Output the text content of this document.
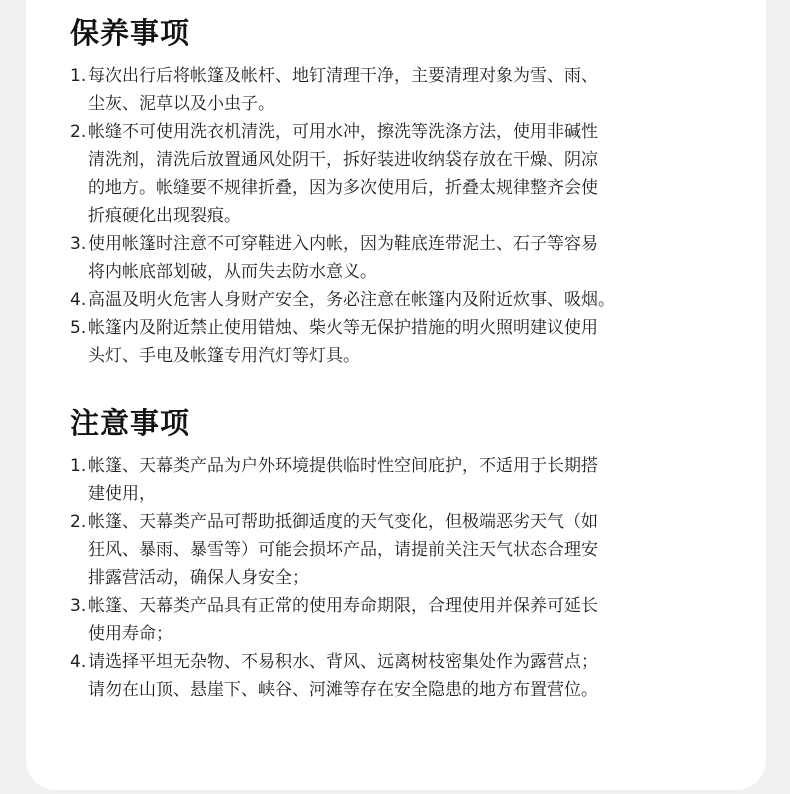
保养事项
1. 每次出行后将帐篷及帐杆、地钉清理干净，主要清理对象为雪、雨、
尘灰、泥草以及小虫子。
2. 帐缝不可使用洗衣机清洗，可用水冲，擦洗等洗涤方法，使用非碱性
清洗剂，清洗后放置通风处阴干，拆好装进收纳袋存放在干燥、阴凉
的地方。帐缝要不规律折叠，因为多次使用后，折叠太规律整齐会使
折痕硬化出现裂痕。
3. 使用帐篷时注意不可穿鞋进入内帐，因为鞋底连带泥土、石子等容易
将内帐底部划破，从而失去防水意义。
4. 高温及明火危害人身财产安全，务必注意在帐篷内及附近炊事、吸烟。
5. 帐篷内及附近禁止使用错烛、柴火等无保护措施的明火照明建议使用
头灯、手电及帐篷专用汽灯等灯具。
注意事项
1. 帐篷、天幕类产品为户外环境提供临时性空间庇护，不适用于长期搭
建使用，
2. 帐篷、天幕类产品可帮助抵御适度的天气变化，但极端恶劣天气（如
狂风、暴雨、暴雪等）可能会损坏产品，请提前关注天气状态合理安
排露营活动，确保人身安全；
3. 帐篷、天幕类产品具有正常的使用寿命期限，合理使用并保养可延长
使用寿命；
4. 请选择平坦无杂物、不易积水、背风、远离树枝密集处作为露营点；
请勿在山顶、悬崖下、峡谷、河滩等存在安全隐患的地方布置营位。
